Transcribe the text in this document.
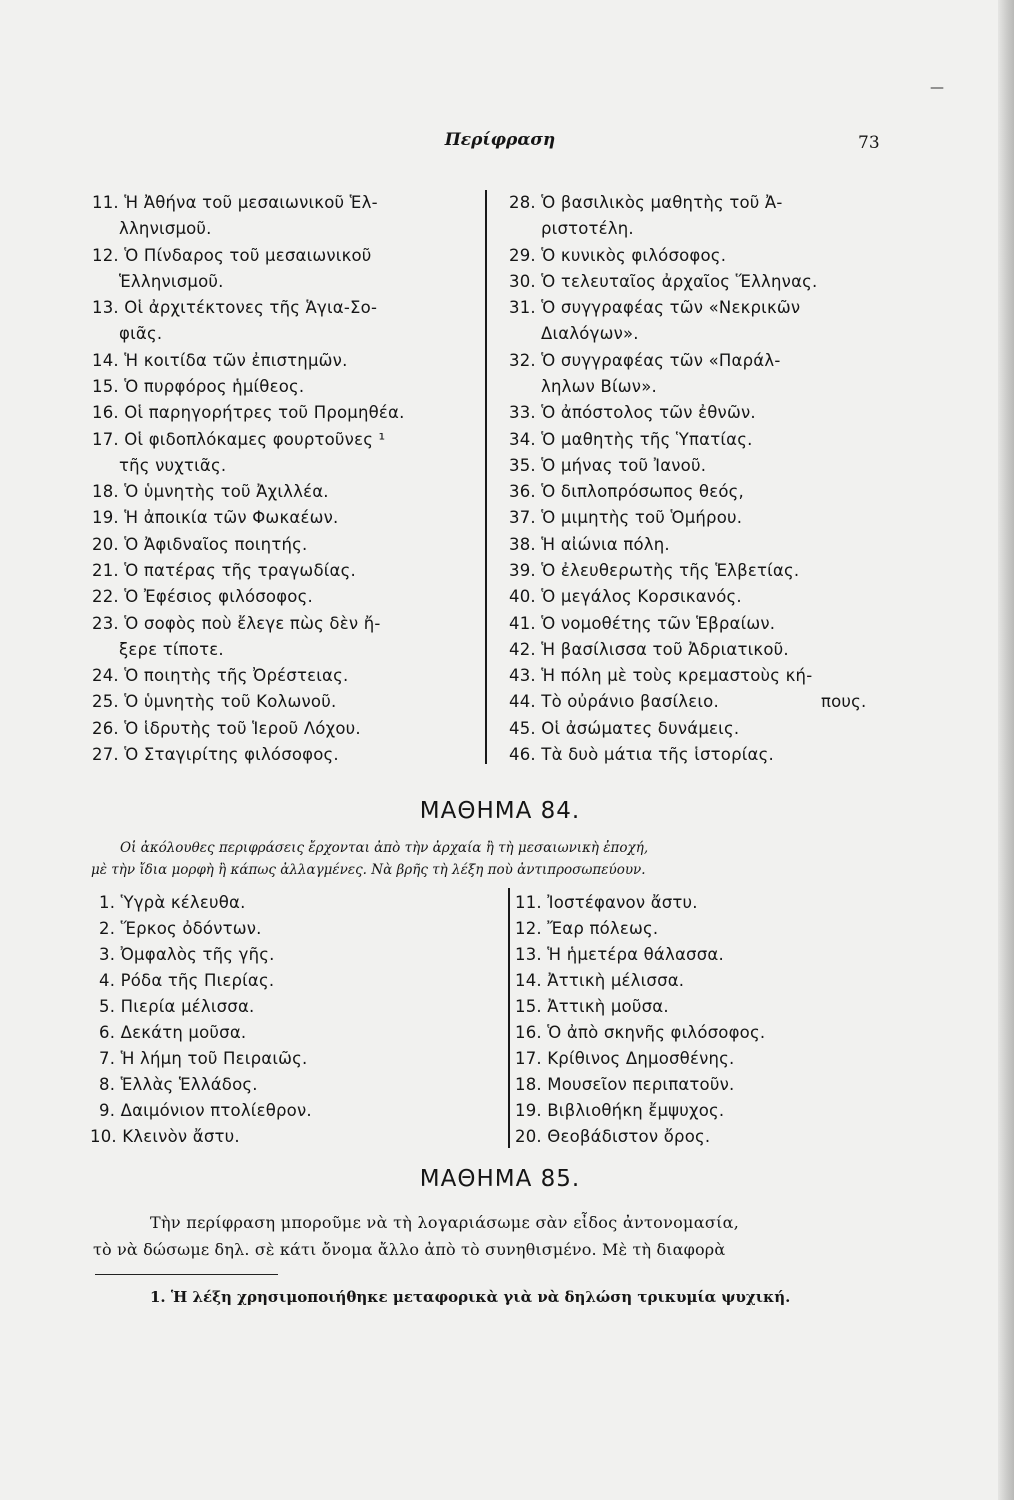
—
Περίφραση	73
11. Ἡ Ἀθήνα τοῦ μεσαιωνικοῦ Ἑλ-
λληνισμοῦ.
12. Ὁ Πίνδαρος τοῦ μεσαιωνικοῦ
Ἑλληνισμοῦ.
13. Οἱ ἀρχιτέκτονες τῆς Ἁγια-Σο-
φιᾶς.
14. Ἡ κοιτίδα τῶν ἐπιστημῶν.
15. Ὁ πυρφόρος ἡμίθεος.
16. Οἱ παρηγορήτρες τοῦ Προμηθέα.
17. Οἱ φιδοπλόκαμες φουρτοῦνες ¹
τῆς νυχτιᾶς.
18. Ὁ ὑμνητὴς τοῦ Ἀχιλλέα.
19. Ἡ ἀποικία τῶν Φωκαέων.
20. Ὁ Ἀφιδναῖος ποιητής.
21. Ὁ πατέρας τῆς τραγωδίας.
22. Ὁ Ἐφέσιος φιλόσοφος.
23. Ὁ σοφὸς ποὺ ἔλεγε πὼς δὲν ἤ-
ξερε τίποτε.
24. Ὁ ποιητὴς τῆς Ὀρέστειας.
25. Ὁ ὑμνητὴς τοῦ Κολωνοῦ.
26. Ὁ ἱδρυτὴς τοῦ Ἱεροῦ Λόχου.
27. Ὁ Σταγιρίτης φιλόσοφος.
28. Ὁ βασιλικὸς μαθητὴς τοῦ Ἀ-
ριστοτέλη.
29. Ὁ κυνικὸς φιλόσοφος.
30. Ὁ τελευταῖος ἀρχαῖος Ἕλληνας.
31. Ὁ συγγραφέας τῶν «Νεκρικῶν
Διαλόγων».
32. Ὁ συγγραφέας τῶν «Παράλ-
ληλων Βίων».
33. Ὁ ἀπόστολος τῶν ἐθνῶν.
34. Ὁ μαθητὴς τῆς Ὑπατίας.
35. Ὁ μήνας τοῦ Ἰανοῦ.
36. Ὁ διπλοπρόσωπος θεός,
37. Ὁ μιμητὴς τοῦ Ὁμήρου.
38. Ἡ αἰώνια πόλη.
39. Ὁ ἐλευθερωτὴς τῆς Ἑλβετίας.
40. Ὁ μεγάλος Κορσικανός.
41. Ὁ νομοθέτης τῶν Ἑβραίων.
42. Ἡ βασίλισσα τοῦ Ἀδριατικοῦ.
43. Ἡ πόλη μὲ τοὺς κρεμαστοὺς κή-
44. Τὸ οὐράνιο βασίλειο.	πους.
45. Οἱ ἀσώματες δυνάμεις.
46. Τὰ δυὸ μάτια τῆς ἱστορίας.
ΜΑΘΗΜΑ 84.
Οἱ ἀκόλουθες περιφράσεις ἔρχονται ἀπὸ τὴν ἀρχαία ἢ τὴ μεσαιωνικὴ ἐποχή,
μὲ τὴν ἴδια μορφὴ ἢ κάπως ἀλλαγμένες. Νὰ βρῆς τὴ λέξη ποὺ ἀντιπροσωπεύουν.
1. Ὑγρὰ κέλευθα.
2. Ἕρκος ὀδόντων.
3. Ὀμφαλὸς τῆς γῆς.
4. Ρόδα τῆς Πιερίας.
5. Πιερία μέλισσα.
6. Δεκάτη μοῦσα.
7. Ἡ λήμη τοῦ Πειραιῶς.
8. Ἑλλὰς Ἑλλάδος.
9. Δαιμόνιον πτολίεθρον.
10. Κλεινὸν ἄστυ.
11. Ἰοστέφανον ἄστυ.
12. Ἔαρ πόλεως.
13. Ἡ ἡμετέρα θάλασσα.
14. Ἀττικὴ μέλισσα.
15. Ἀττικὴ μοῦσα.
16. Ὁ ἀπὸ σκηνῆς φιλόσοφος.
17. Κρίθινος Δημοσθένης.
18. Μουσεῖον περιπατοῦν.
19. Βιβλιοθήκη ἔμψυχος.
20. Θεοβάδιστον ὄρος.
ΜΑΘΗΜΑ 85.
Τὴν περίφραση μποροῦμε νὰ τὴ λογαριάσωμε σὰν εἶδος ἀντονομασία,
τὸ νὰ δώσωμε δηλ. σὲ κάτι ὄνομα ἄλλο ἀπὸ τὸ συνηθισμένο. Μὲ τὴ διαφορὰ
1. Ἡ λέξη χρησιμοποιήθηκε μεταφορικὰ γιὰ νὰ δηλώση τρικυμία ψυχική.
